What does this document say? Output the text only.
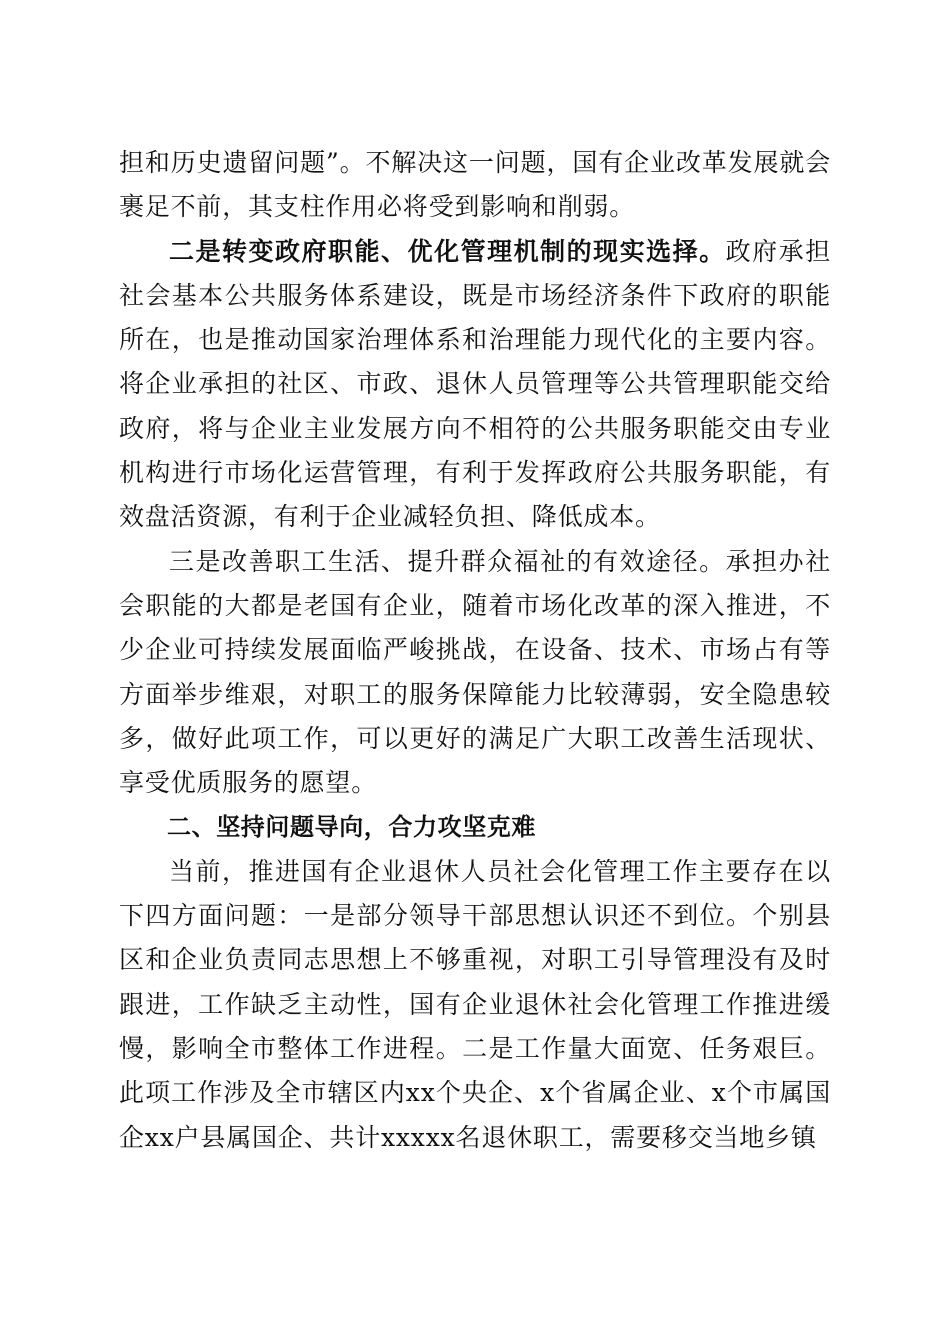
担和历史遗留问题”。不解决这一问题，国有企业改革发展就会裹足不前，其支柱作用必将受到影响和削弱。

二是转变政府职能、优化管理机制的现实选择。政府承担社会基本公共服务体系建设，既是市场经济条件下政府的职能所在，也是推动国家治理体系和治理能力现代化的主要内容。将企业承担的社区、市政、退休人员管理等公共管理职能交给政府，将与企业主业发展方向不相符的公共服务职能交由专业机构进行市场化运营管理，有利于发挥政府公共服务职能，有效盘活资源，有利于企业减轻负担、降低成本。

三是改善职工生活、提升群众福祉的有效途径。承担办社会职能的大都是老国有企业，随着市场化改革的深入推进，不少企业可持续发展面临严峻挑战，在设备、技术、市场占有等方面举步维艰，对职工的服务保障能力比较薄弱，安全隐患较多，做好此项工作，可以更好的满足广大职工改善生活现状、享受优质服务的愿望。

二、坚持问题导向，合力攻坚克难

当前，推进国有企业退休人员社会化管理工作主要存在以下四方面问题：一是部分领导干部思想认识还不到位。个别县区和企业负责同志思想上不够重视，对职工引导管理没有及时跟进，工作缺乏主动性，国有企业退休社会化管理工作推进缓慢，影响全市整体工作进程。二是工作量大面宽、任务艰巨。此项工作涉及全市辖区内xx个央企、x个省属企业、x个市属国企xx户县属国企、共计xxxxx名退休职工，需要移交当地乡镇
